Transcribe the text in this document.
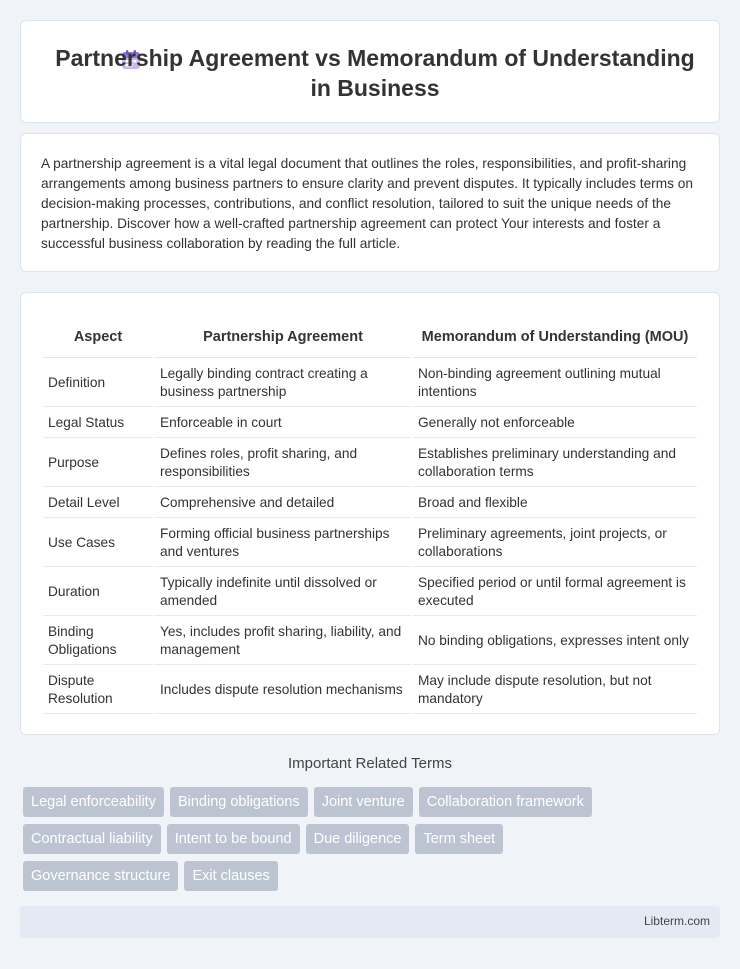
Partnership Agreement vs Memorandum of Understanding in Business

A partnership agreement is a vital legal document that outlines the roles, responsibilities, and profit-sharing arrangements among business partners to ensure clarity and prevent disputes. It typically includes terms on decision-making processes, contributions, and conflict resolution, tailored to suit the unique needs of the partnership. Discover how a well-crafted partnership agreement can protect Your interests and foster a successful business collaboration by reading the full article.

Aspect	Partnership Agreement	Memorandum of Understanding (MOU)
Definition	Legally binding contract creating a business partnership	Non-binding agreement outlining mutual intentions
Legal Status	Enforceable in court	Generally not enforceable
Purpose	Defines roles, profit sharing, and responsibilities	Establishes preliminary understanding and collaboration terms
Detail Level	Comprehensive and detailed	Broad and flexible
Use Cases	Forming official business partnerships and ventures	Preliminary agreements, joint projects, or collaborations
Duration	Typically indefinite until dissolved or amended	Specified period or until formal agreement is executed
Binding Obligations	Yes, includes profit sharing, liability, and management	No binding obligations, expresses intent only
Dispute Resolution	Includes dispute resolution mechanisms	May include dispute resolution, but not mandatory
Important Related Terms
Legal enforceability	Binding obligations	Joint venture	Collaboration framework
Contractual liability	Intent to be bound	Due diligence	Term sheet
Governance structure	Exit clauses
Libterm.com
